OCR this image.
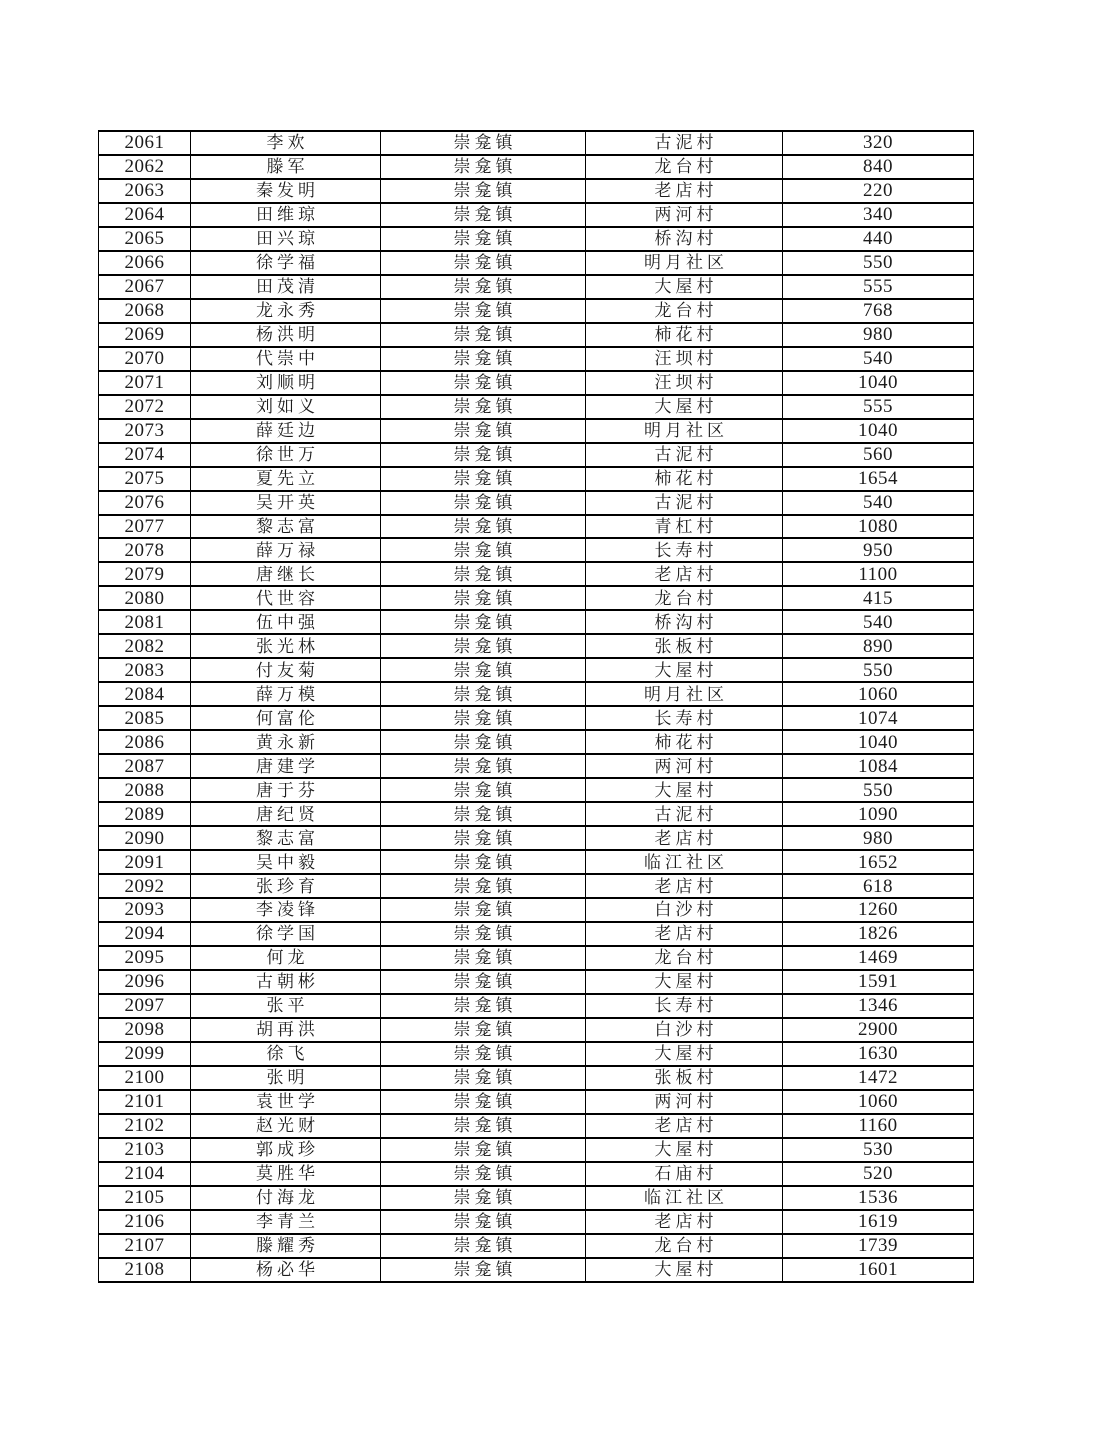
2061	李欢	崇龛镇	古泥村	320
2062	滕军	崇龛镇	龙台村	840
2063	秦发明	崇龛镇	老店村	220
2064	田维琼	崇龛镇	两河村	340
2065	田兴琼	崇龛镇	桥沟村	440
2066	徐学福	崇龛镇	明月社区	550
2067	田茂清	崇龛镇	大屋村	555
2068	龙永秀	崇龛镇	龙台村	768
2069	杨洪明	崇龛镇	柿花村	980
2070	代崇中	崇龛镇	汪坝村	540
2071	刘顺明	崇龛镇	汪坝村	1040
2072	刘如义	崇龛镇	大屋村	555
2073	薛廷边	崇龛镇	明月社区	1040
2074	徐世万	崇龛镇	古泥村	560
2075	夏先立	崇龛镇	柿花村	1654
2076	吴开英	崇龛镇	古泥村	540
2077	黎志富	崇龛镇	青杠村	1080
2078	薛万禄	崇龛镇	长寿村	950
2079	唐继长	崇龛镇	老店村	1100
2080	代世容	崇龛镇	龙台村	415
2081	伍中强	崇龛镇	桥沟村	540
2082	张光林	崇龛镇	张板村	890
2083	付友菊	崇龛镇	大屋村	550
2084	薛万模	崇龛镇	明月社区	1060
2085	何富伦	崇龛镇	长寿村	1074
2086	黄永新	崇龛镇	柿花村	1040
2087	唐建学	崇龛镇	两河村	1084
2088	唐于芬	崇龛镇	大屋村	550
2089	唐纪贤	崇龛镇	古泥村	1090
2090	黎志富	崇龛镇	老店村	980
2091	吴中毅	崇龛镇	临江社区	1652
2092	张珍育	崇龛镇	老店村	618
2093	李凌锋	崇龛镇	白沙村	1260
2094	徐学国	崇龛镇	老店村	1826
2095	何龙	崇龛镇	龙台村	1469
2096	古朝彬	崇龛镇	大屋村	1591
2097	张平	崇龛镇	长寿村	1346
2098	胡再洪	崇龛镇	白沙村	2900
2099	徐飞	崇龛镇	大屋村	1630
2100	张明	崇龛镇	张板村	1472
2101	袁世学	崇龛镇	两河村	1060
2102	赵光财	崇龛镇	老店村	1160
2103	郭成珍	崇龛镇	大屋村	530
2104	莫胜华	崇龛镇	石庙村	520
2105	付海龙	崇龛镇	临江社区	1536
2106	李青兰	崇龛镇	老店村	1619
2107	滕耀秀	崇龛镇	龙台村	1739
2108	杨必华	崇龛镇	大屋村	1601
